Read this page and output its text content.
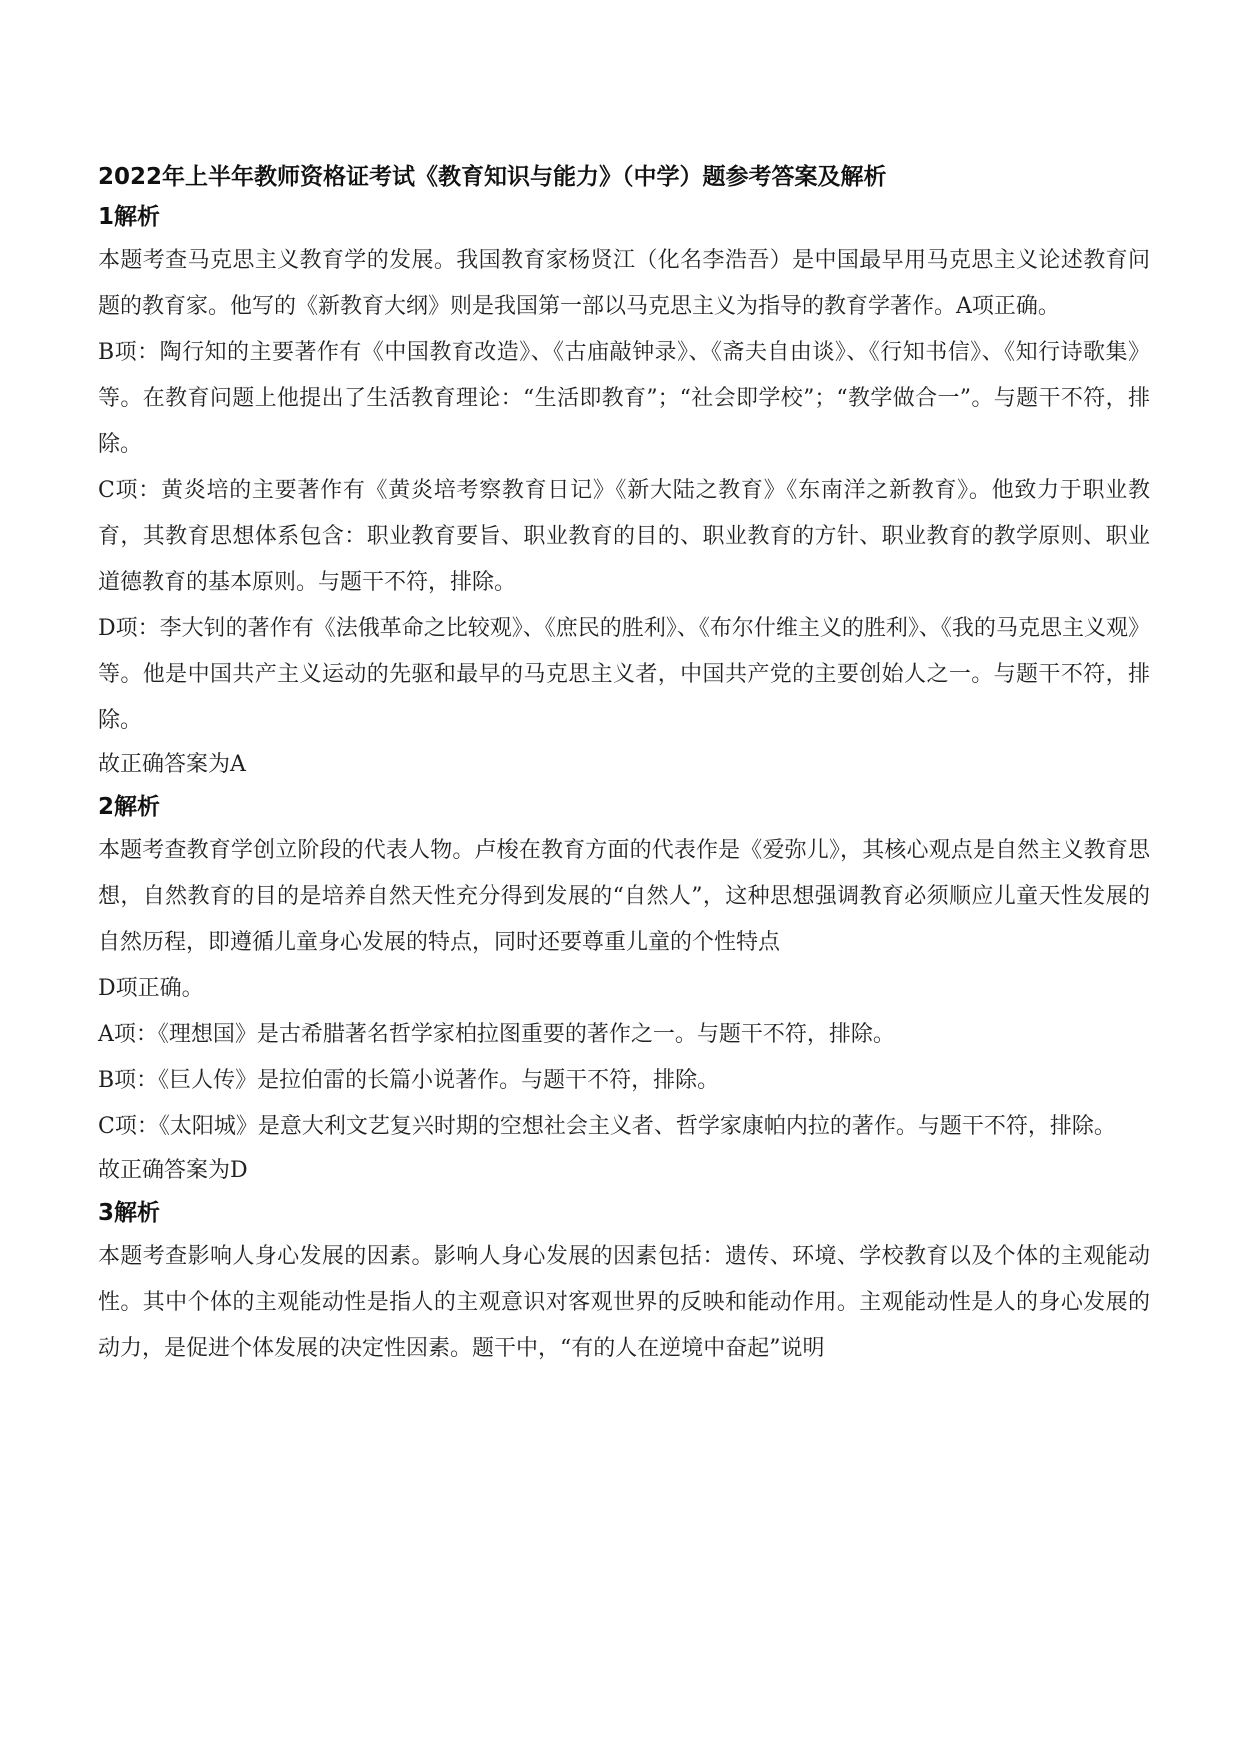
2022年上半年教师资格证考试《教育知识与能力》（中学）题参考答案及解析
1解析

本题考查马克思主义教育学的发展。我国教育家杨贤江（化名李浩吾）是中国最早用马克思主义论述教育问题的教育家。他写的《新教育大纲》则是我国第一部以马克思主义为指导的教育学著作。A项正确。

B项：陶行知的主要著作有《中国教育改造》、《古庙敲钟录》、《斋夫自由谈》、《行知书信》、《知行诗歌集》等。在教育问题上他提出了生活教育理论：“生活即教育”；“社会即学校”；“教学做合一”。与题干不符，排除。

C项：黄炎培的主要著作有《黄炎培考察教育日记》《新大陆之教育》《东南洋之新教育》。他致力于职业教育，其教育思想体系包含：职业教育要旨、职业教育的目的、职业教育的方针、职业教育的教学原则、职业道德教育的基本原则。与题干不符，排除。

D项：李大钊的著作有《法俄革命之比较观》、《庶民的胜利》、《布尔什维主义的胜利》、《我的马克思主义观》等。他是中国共产主义运动的先驱和最早的马克思主义者，中国共产党的主要创始人之一。与题干不符，排除。

故正确答案为A

2解析

本题考查教育学创立阶段的代表人物。卢梭在教育方面的代表作是《爱弥儿》，其核心观点是自然主义教育思想，自然教育的目的是培养自然天性充分得到发展的“自然人”，这种思想强调教育必须顺应儿童天性发展的自然历程，即遵循儿童身心发展的特点，同时还要尊重儿童的个性特点

D项正确。

A项：《理想国》是古希腊著名哲学家柏拉图重要的著作之一。与题干不符，排除。

B项：《巨人传》是拉伯雷的长篇小说著作。与题干不符，排除。

C项：《太阳城》是意大利文艺复兴时期的空想社会主义者、哲学家康帕内拉的著作。与题干不符，排除。

故正确答案为D

3解析

本题考查影响人身心发展的因素。影响人身心发展的因素包括：遗传、环境、学校教育以及个体的主观能动性。其中个体的主观能动性是指人的主观意识对客观世界的反映和能动作用。主观能动性是人的身心发展的动力，是促进个体发展的决定性因素。题干中，“有的人在逆境中奋起”说明
